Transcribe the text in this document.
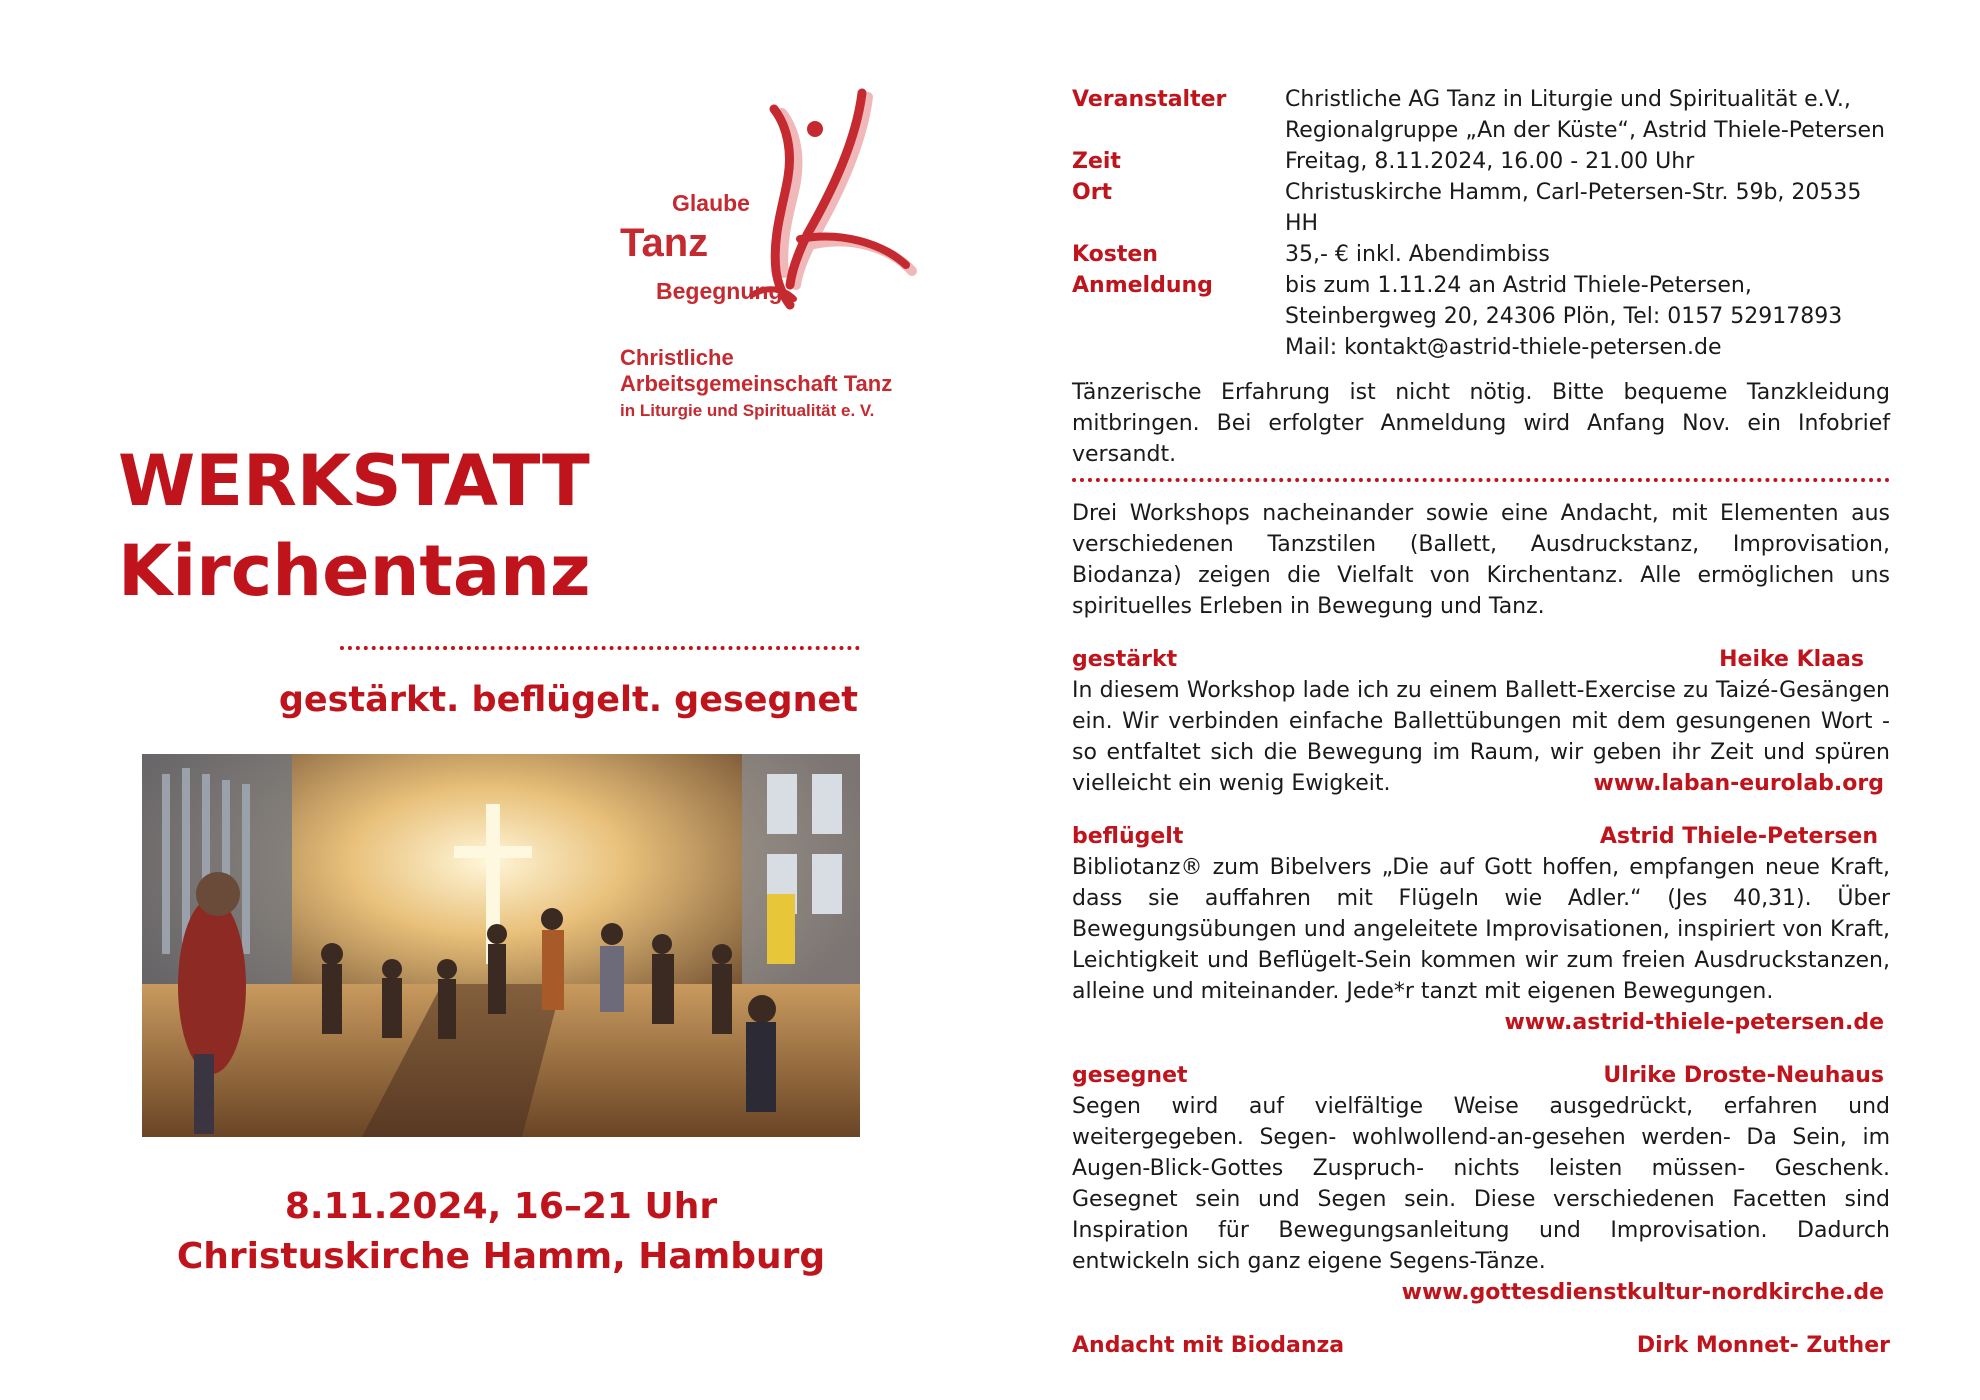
Glaube
Tanz
Begegnung
Christliche
Arbeitsgemeinschaft Tanz
in Liturgie und Spiritualität e. V.
WERKSTATT
Kirchentanz
gestärkt. beflügelt. gesegnet
8.11.2024, 16–21 Uhr
Christuskirche Hamm, Hamburg
Veranstalter	Christliche AG Tanz in Liturgie und Spiritualität e.V.,
Regionalgruppe „An der Küste“, Astrid Thiele-Petersen
Zeit	Freitag, 8.11.2024, 16.00 - 21.00 Uhr
Ort	Christuskirche Hamm, Carl-Petersen-Str. 59b, 20535 HH
Kosten	35,- € inkl. Abendimbiss
Anmeldung	bis zum 1.11.24 an Astrid Thiele-Petersen,
Steinbergweg 20, 24306 Plön, Tel: 0157 52917893
Mail: kontakt@astrid-thiele-petersen.de

Tänzerische Erfahrung ist nicht nötig. Bitte bequeme Tanzkleidung mitbringen. Bei erfolgter Anmeldung wird Anfang Nov. ein Infobrief versandt.

Drei Workshops nacheinander sowie eine Andacht, mit Elementen aus verschiedenen Tanzstilen (Ballett, Ausdruckstanz, Improvisation, Biodanza) zeigen die Vielfalt von Kirchentanz. Alle ermöglichen uns spirituelles Erleben in Bewegung und Tanz.

gestärkt	Heike Klaas

In diesem Workshop lade ich zu einem Ballett-Exercise zu Taizé-Gesängen ein. Wir verbinden einfache Ballettübungen mit dem gesungenen Wort - so entfaltet sich die Bewegung im Raum, wir geben ihr Zeit und spüren vielleicht ein wenig Ewigkeit.	www.laban-eurolab.org
beflügelt	Astrid Thiele-Petersen

Bibliotanz® zum Bibelvers „Die auf Gott hoffen, empfangen neue Kraft, dass sie auffahren mit Flügeln wie Adler.“ (Jes 40,31). Über Bewegungsübungen und angeleitete Improvisationen, inspiriert von Kraft, Leichtigkeit und Beflügelt-Sein kommen wir zum freien Ausdruckstanzen, alleine und miteinander. Jede*r tanzt mit eigenen Bewegungen.

www.astrid-thiele-petersen.de
gesegnet	Ulrike Droste-Neuhaus

Segen wird auf vielfältige Weise ausgedrückt, erfahren und weitergegeben. Segen- wohlwollend-an-gesehen werden- Da Sein, im Augen-Blick-Gottes Zuspruch- nichts leisten müssen- Geschenk. Gesegnet sein und Segen sein. Diese verschiedenen Facetten sind Inspiration für Bewegungsanleitung und Improvisation. Dadurch entwickeln sich ganz eigene Segens-Tänze.

www.gottesdienstkultur-nordkirche.de
Andacht mit Biodanza	Dirk Monnet- Zuther
